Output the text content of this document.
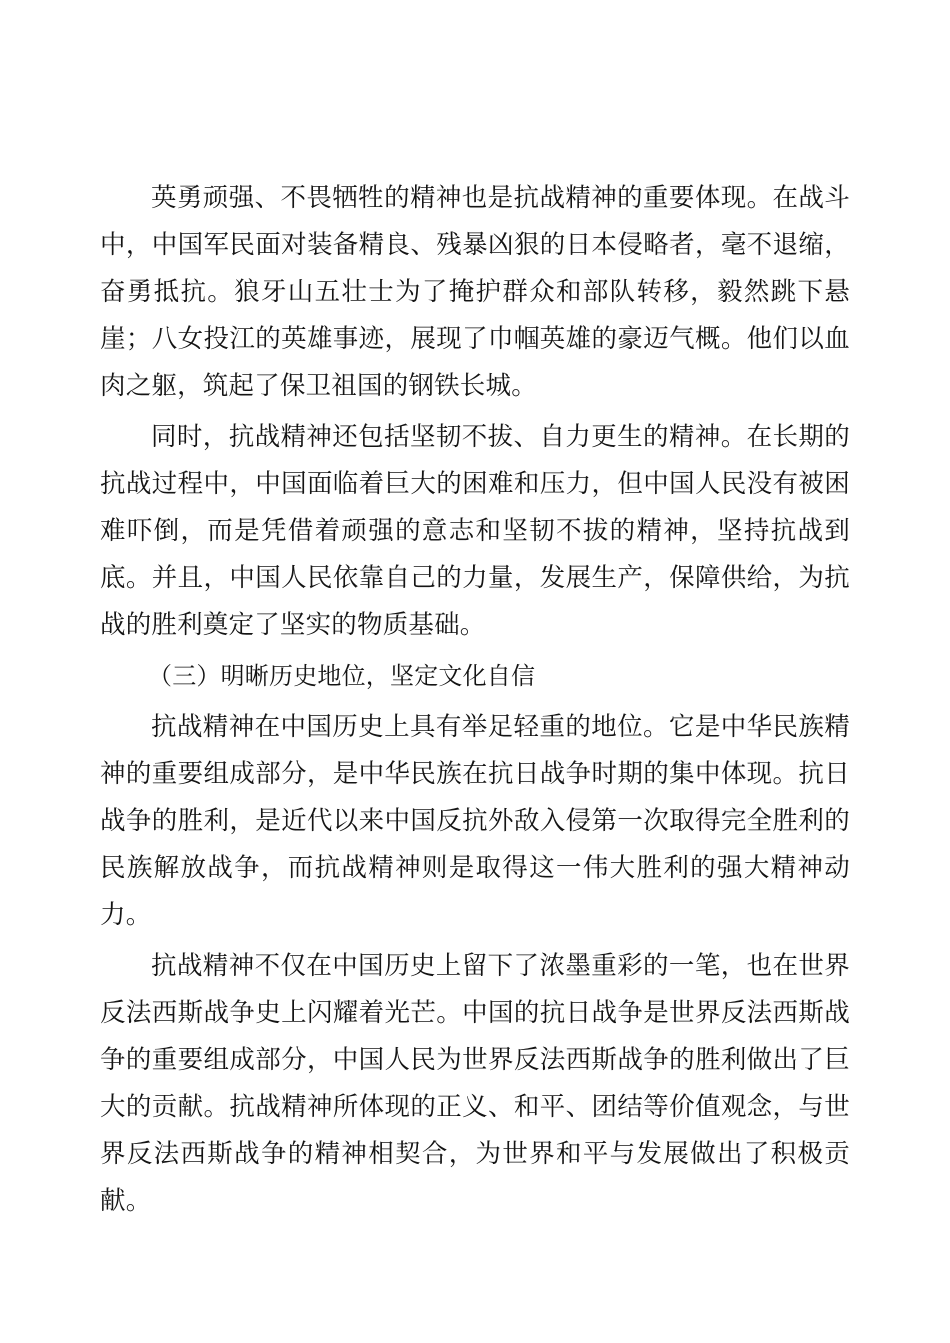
英勇顽强、不畏牺牲的精神也是抗战精神的重要体现。在战斗中，中国军民面对装备精良、残暴凶狠的日本侵略者，毫不退缩，奋勇抵抗。狼牙山五壮士为了掩护群众和部队转移，毅然跳下悬崖；八女投江的英雄事迹，展现了巾帼英雄的豪迈气概。他们以血肉之躯，筑起了保卫祖国的钢铁长城。

同时，抗战精神还包括坚韧不拔、自力更生的精神。在长期的抗战过程中，中国面临着巨大的困难和压力，但中国人民没有被困难吓倒，而是凭借着顽强的意志和坚韧不拔的精神，坚持抗战到底。并且，中国人民依靠自己的力量，发展生产，保障供给，为抗战的胜利奠定了坚实的物质基础。

（三）明晰历史地位，坚定文化自信

抗战精神在中国历史上具有举足轻重的地位。它是中华民族精神的重要组成部分，是中华民族在抗日战争时期的集中体现。抗日战争的胜利，是近代以来中国反抗外敌入侵第一次取得完全胜利的民族解放战争，而抗战精神则是取得这一伟大胜利的强大精神动力。

抗战精神不仅在中国历史上留下了浓墨重彩的一笔，也在世界反法西斯战争史上闪耀着光芒。中国的抗日战争是世界反法西斯战争的重要组成部分，中国人民为世界反法西斯战争的胜利做出了巨大的贡献。抗战精神所体现的正义、和平、团结等价值观念，与世界反法西斯战争的精神相契合，为世界和平与发展做出了积极贡献。
